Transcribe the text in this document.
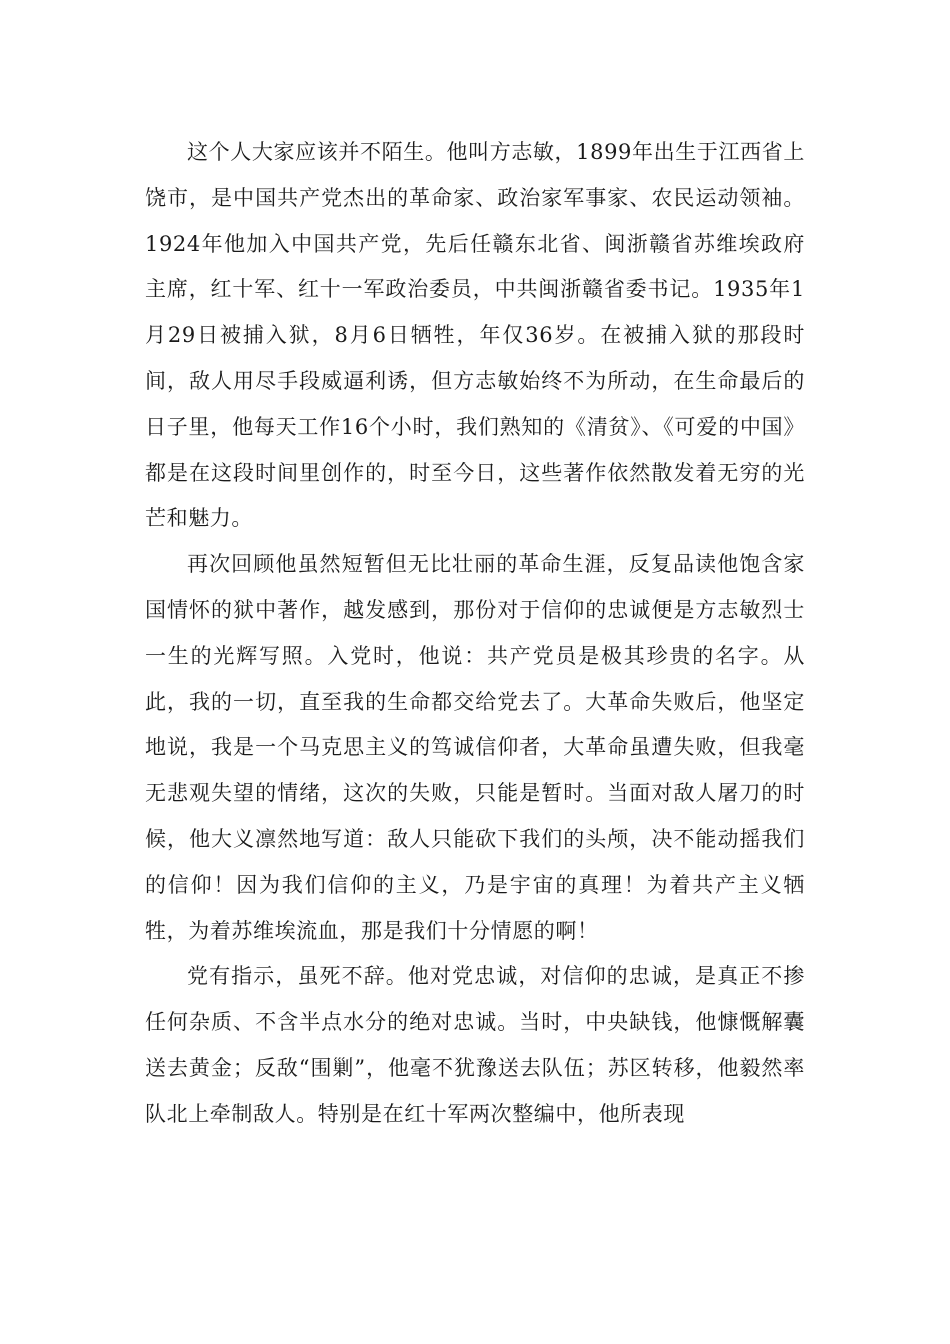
这个人大家应该并不陌生。他叫方志敏，1899年出生于江西省上饶市，是中国共产党杰出的革命家、政治家军事家、农民运动领袖。1924年他加入中国共产党，先后任赣东北省、闽浙赣省苏维埃政府主席，红十军、红十一军政治委员，中共闽浙赣省委书记。1935年1月29日被捕入狱，8月6日牺牲，年仅36岁。在被捕入狱的那段时间，敌人用尽手段威逼利诱，但方志敏始终不为所动，在生命最后的日子里，他每天工作16个小时，我们熟知的《清贫》、《可爱的中国》都是在这段时间里创作的，时至今日，这些著作依然散发着无穷的光芒和魅力。

再次回顾他虽然短暂但无比壮丽的革命生涯，反复品读他饱含家国情怀的狱中著作，越发感到，那份对于信仰的忠诚便是方志敏烈士一生的光辉写照。入党时，他说：共产党员是极其珍贵的名字。从此，我的一切，直至我的生命都交给党去了。大革命失败后，他坚定地说，我是一个马克思主义的笃诚信仰者，大革命虽遭失败，但我毫无悲观失望的情绪，这次的失败，只能是暂时。当面对敌人屠刀的时候，他大义凛然地写道：敌人只能砍下我们的头颅，决不能动摇我们的信仰！因为我们信仰的主义，乃是宇宙的真理！为着共产主义牺牲，为着苏维埃流血，那是我们十分情愿的啊！

党有指示，虽死不辞。他对党忠诚，对信仰的忠诚，是真正不掺任何杂质、不含半点水分的绝对忠诚。当时，中央缺钱，他慷慨解囊送去黄金；反敌“围剿”，他毫不犹豫送去队伍；苏区转移，他毅然率队北上牵制敌人。特别是在红十军两次整编中，他所表现
